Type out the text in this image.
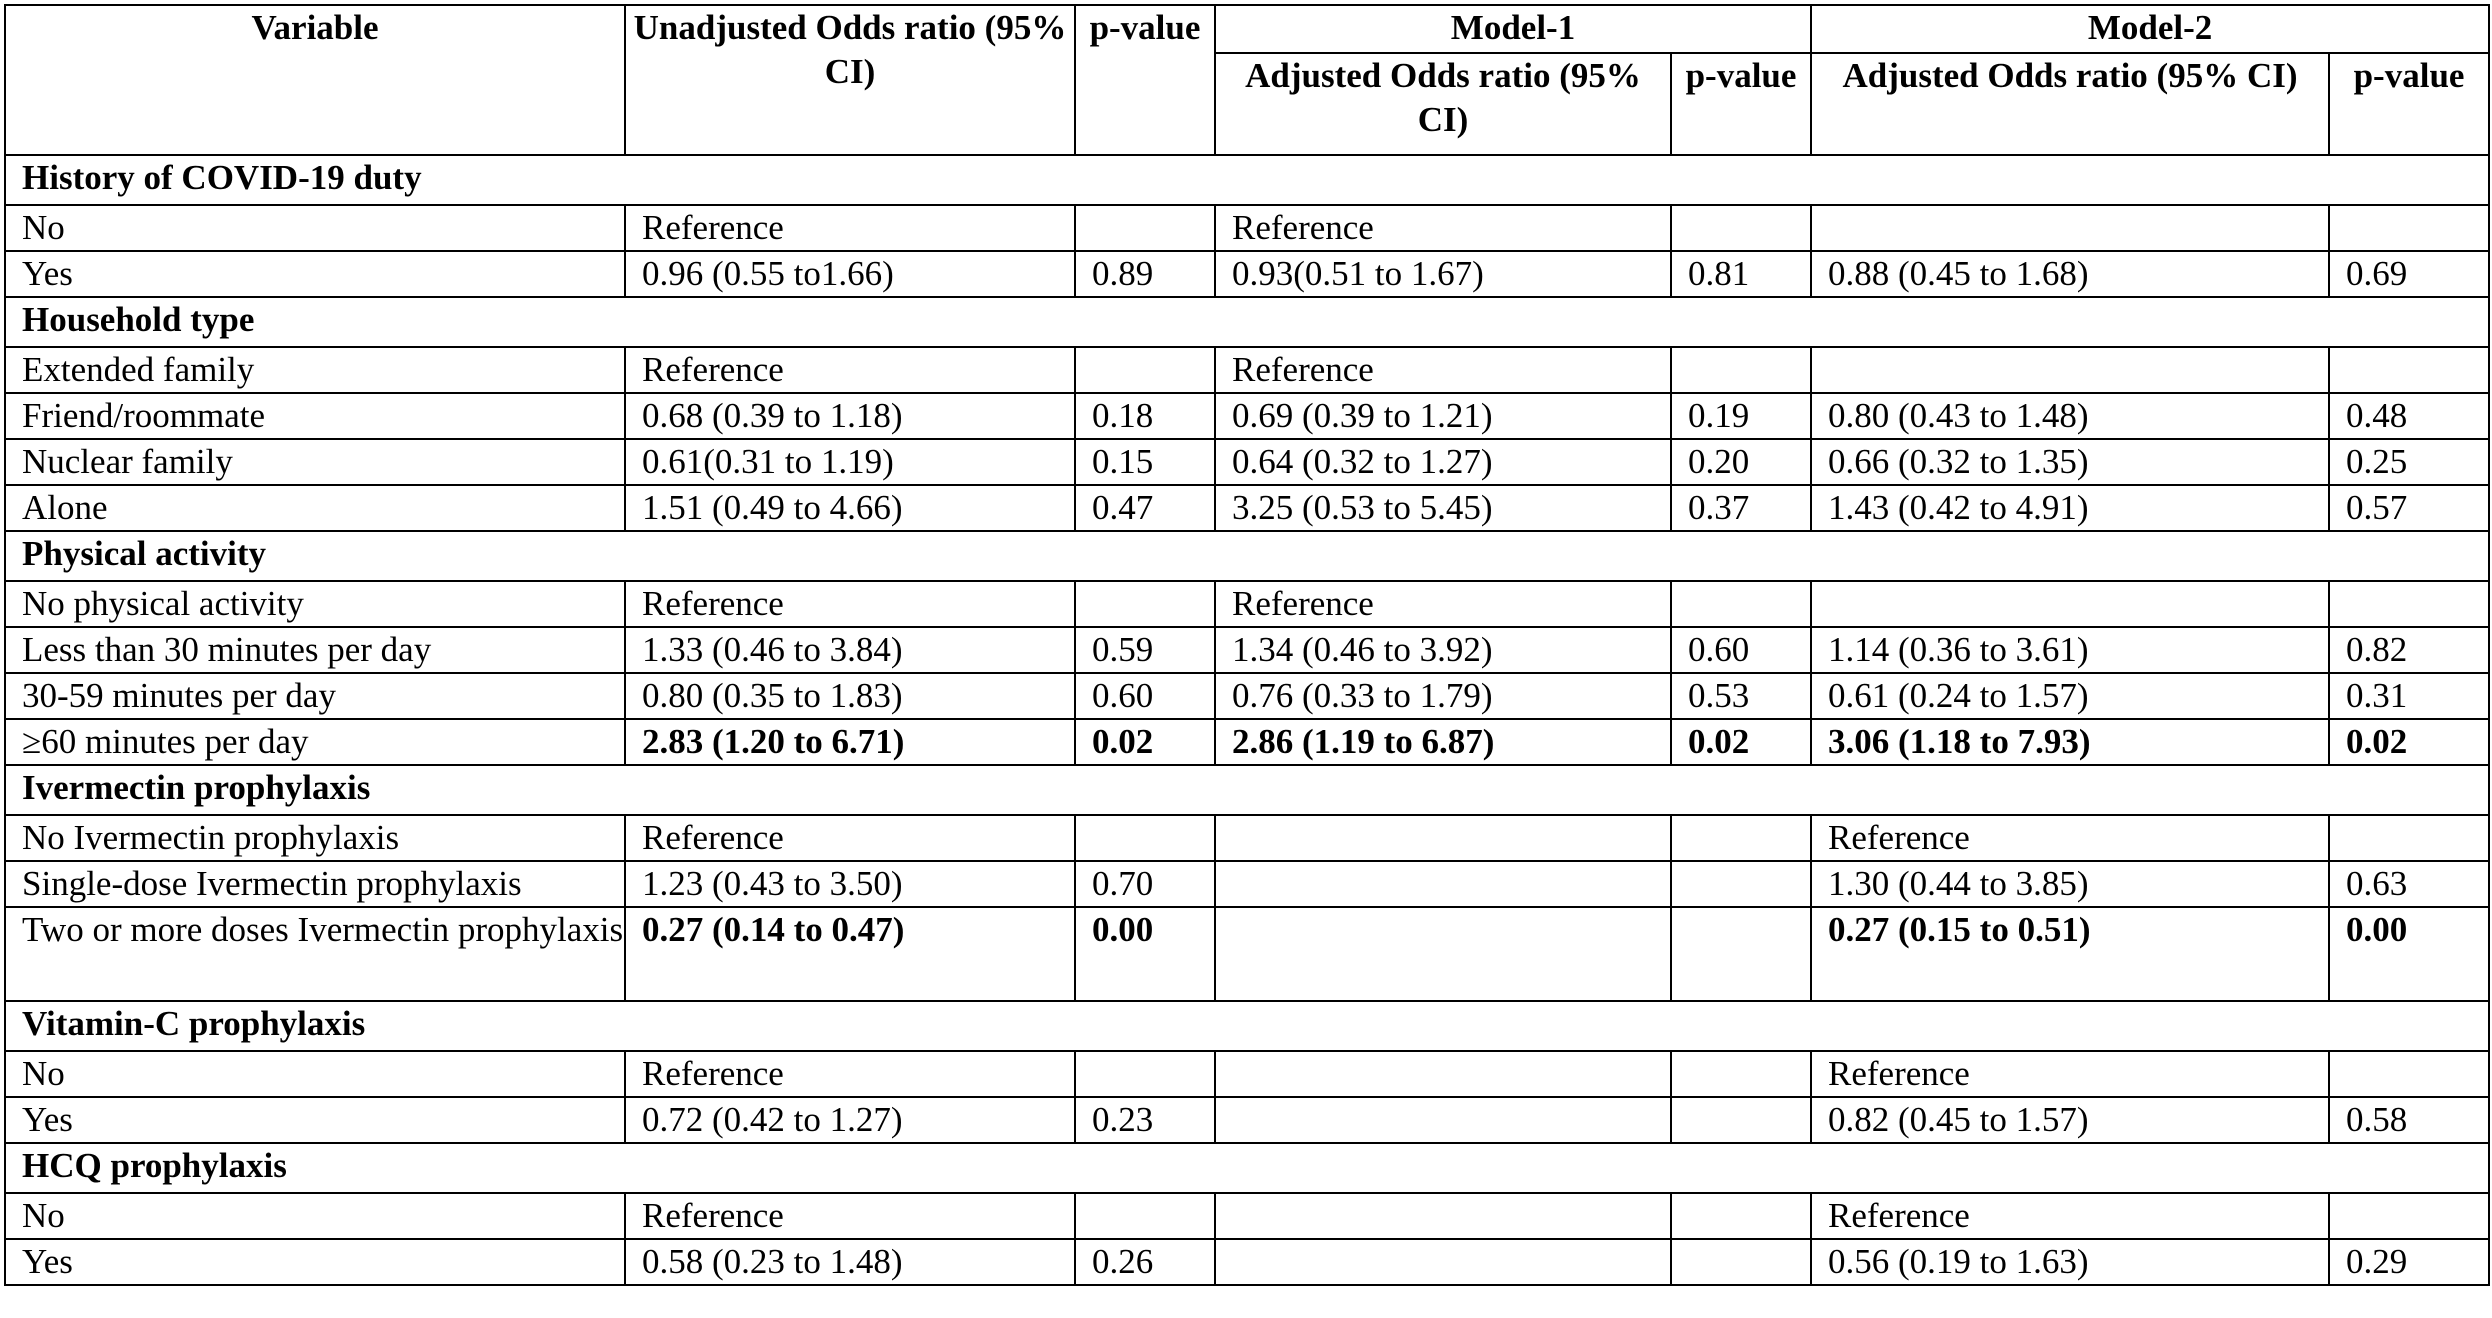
Variable	Unadjusted Odds ratio (95% CI)	p-value	Model-1		Model-2	
			Adjusted Odds ratio (95% CI)	p-value	Adjusted Odds ratio (95% CI)	p-value
History of COVID-19 duty						
No	Reference		Reference			
Yes	0.96 (0.55 to1.66)	0.89	0.93(0.51 to 1.67)	0.81	0.88 (0.45 to 1.68)	0.69
Household type						
Extended family	Reference		Reference			
Friend/roommate	0.68 (0.39 to 1.18)	0.18	0.69 (0.39 to 1.21)	0.19	0.80 (0.43 to 1.48)	0.48
Nuclear family	0.61(0.31 to 1.19)	0.15	0.64 (0.32 to 1.27)	0.20	0.66 (0.32 to 1.35)	0.25
Alone	1.51 (0.49 to 4.66)	0.47	3.25 (0.53 to 5.45)	0.37	1.43 (0.42 to 4.91)	0.57
Physical activity						
No physical activity	Reference		Reference			
Less than 30 minutes per day	1.33 (0.46 to 3.84)	0.59	1.34 (0.46 to 3.92)	0.60	1.14 (0.36 to 3.61)	0.82
30-59 minutes per day	0.80 (0.35 to 1.83)	0.60	0.76 (0.33 to 1.79)	0.53	0.61 (0.24 to 1.57)	0.31
≥60 minutes per day	2.83 (1.20 to 6.71)	0.02	2.86 (1.19 to 6.87)	0.02	3.06 (1.18 to 7.93)	0.02
Ivermectin prophylaxis						
No Ivermectin prophylaxis	Reference				Reference	
Single-dose Ivermectin prophylaxis	1.23 (0.43 to 3.50)	0.70			1.30 (0.44 to 3.85)	0.63
Two or more doses Ivermectin prophylaxis	0.27 (0.14 to 0.47)	0.00			0.27 (0.15 to 0.51)	0.00
Vitamin-C prophylaxis						
No	Reference				Reference	
Yes	0.72 (0.42 to 1.27)	0.23			0.82 (0.45 to 1.57)	0.58
HCQ prophylaxis						
No	Reference				Reference	
Yes	0.58 (0.23 to 1.48)	0.26			0.56 (0.19 to 1.63)	0.29
